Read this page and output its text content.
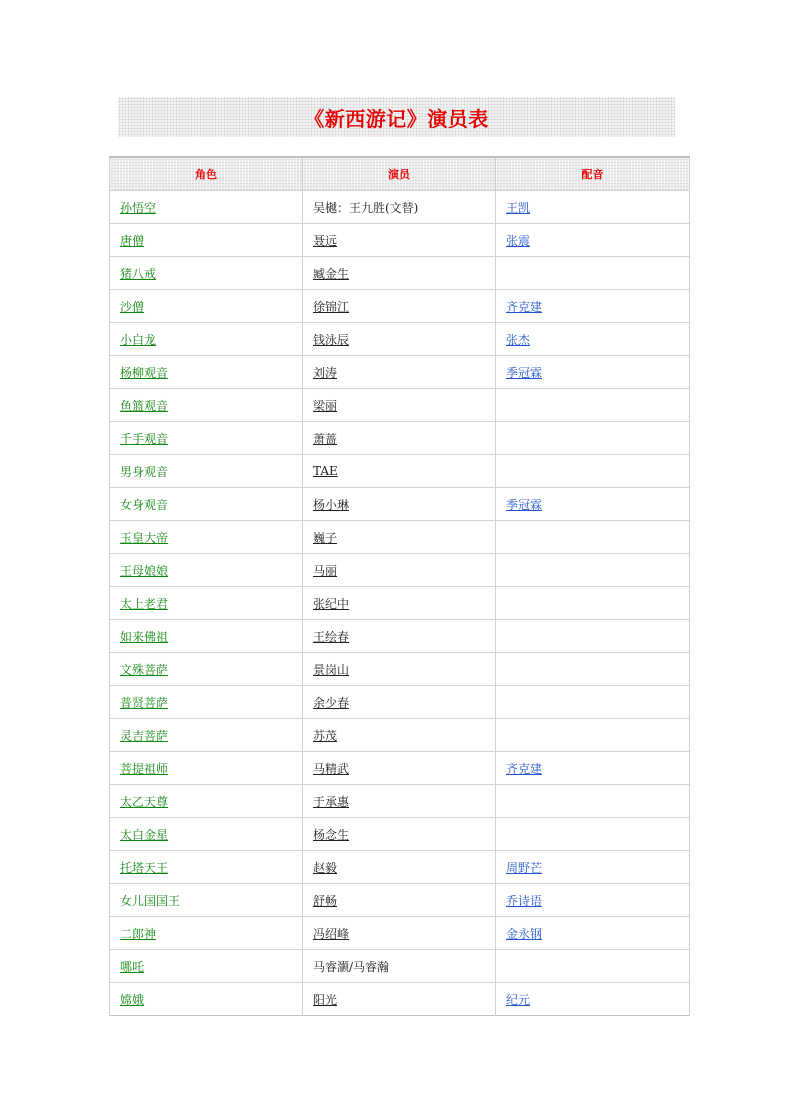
《新西游记》演员表
角色	演员	配音
孙悟空	吴樾：王九胜(文替)	王凯
唐僧	聂远	张震
猪八戒	臧金生	
沙僧	徐锦江	齐克建
小白龙	钱泳辰	张杰
杨柳观音	刘涛	季冠霖
鱼篮观音	梁丽	
千手观音	萧蔷	
男身观音	TAE	
女身观音	杨小琳	季冠霖
玉皇大帝	巍子	
王母娘娘	马丽	
太上老君	张纪中	
如来佛祖	王绘春	
文殊菩萨	景岗山	
普贤菩萨	余少春	
灵吉菩萨	苏茂	
菩提祖师	马精武	齐克建
太乙天尊	于承惠	
太白金星	杨念生	
托塔天王	赵毅	周野芒
女儿国国王	舒畅	乔诗语
二郎神	冯绍峰	金永钢
哪吒	马睿灏/马睿瀚	
嫦娥	阳光	纪元
